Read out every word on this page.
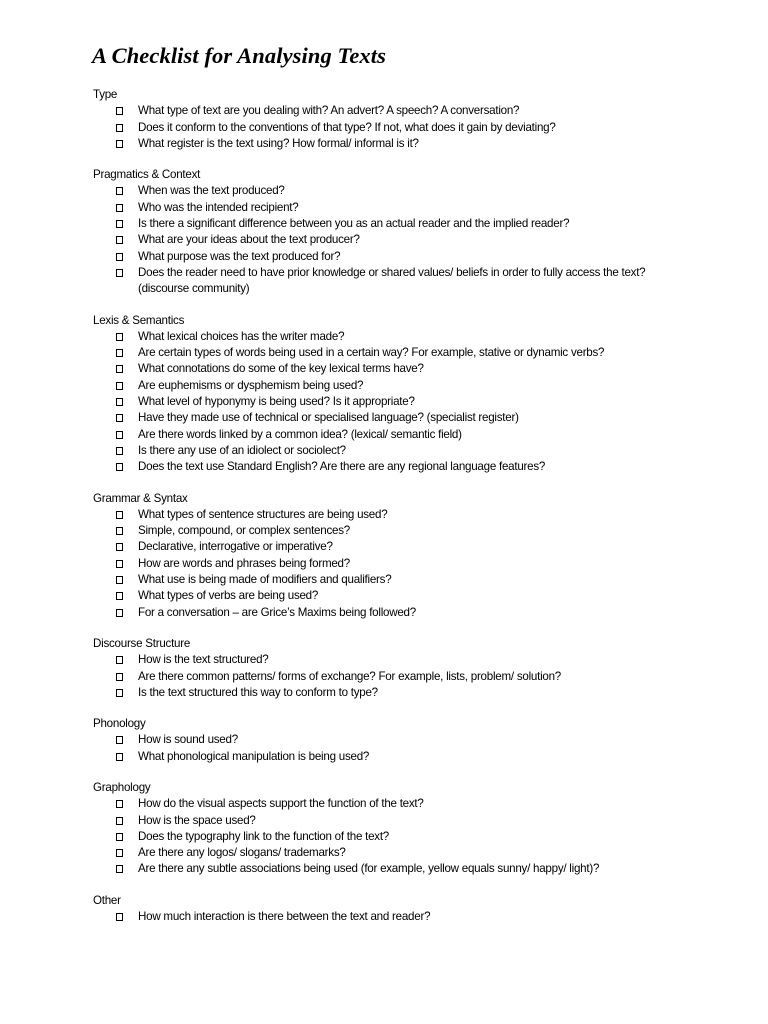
A Checklist for Analysing Texts
Type
What type of text are you dealing with? An advert? A speech? A conversation?
Does it conform to the conventions of that type? If not, what does it gain by deviating?
What register is the text using? How formal/ informal is it?
Pragmatics & Context
When was the text produced?
Who was the intended recipient?
Is there a significant difference between you as an actual reader and the implied reader?
What are your ideas about the text producer?
What purpose was the text produced for?
Does the reader need to have prior knowledge or shared values/ beliefs in order to fully access the text? (discourse community)
Lexis & Semantics
What lexical choices has the writer made?
Are certain types of words being used in a certain way? For example, stative or dynamic verbs?
What connotations do some of the key lexical terms have?
Are euphemisms or dysphemism being used?
What level of hyponymy is being used? Is it appropriate?
Have they made use of technical or specialised language? (specialist register)
Are there words linked by a common idea? (lexical/ semantic field)
Is there any use of an idiolect or sociolect?
Does the text use Standard English? Are there are any regional language features?
Grammar & Syntax
What types of sentence structures are being used?
Simple, compound, or complex sentences?
Declarative, interrogative or imperative?
How are words and phrases being formed?
What use is being made of modifiers and qualifiers?
What types of verbs are being used?
For a conversation – are Grice’s Maxims being followed?
Discourse Structure
How is the text structured?
Are there common patterns/ forms of exchange? For example, lists, problem/ solution?
Is the text structured this way to conform to type?
Phonology
How is sound used?
What phonological manipulation is being used?
Graphology
How do the visual aspects support the function of the text?
How is the space used?
Does the typography link to the function of the text?
Are there any logos/ slogans/ trademarks?
Are there any subtle associations being used (for example, yellow equals sunny/ happy/ light)?
Other
How much interaction is there between the text and reader?
